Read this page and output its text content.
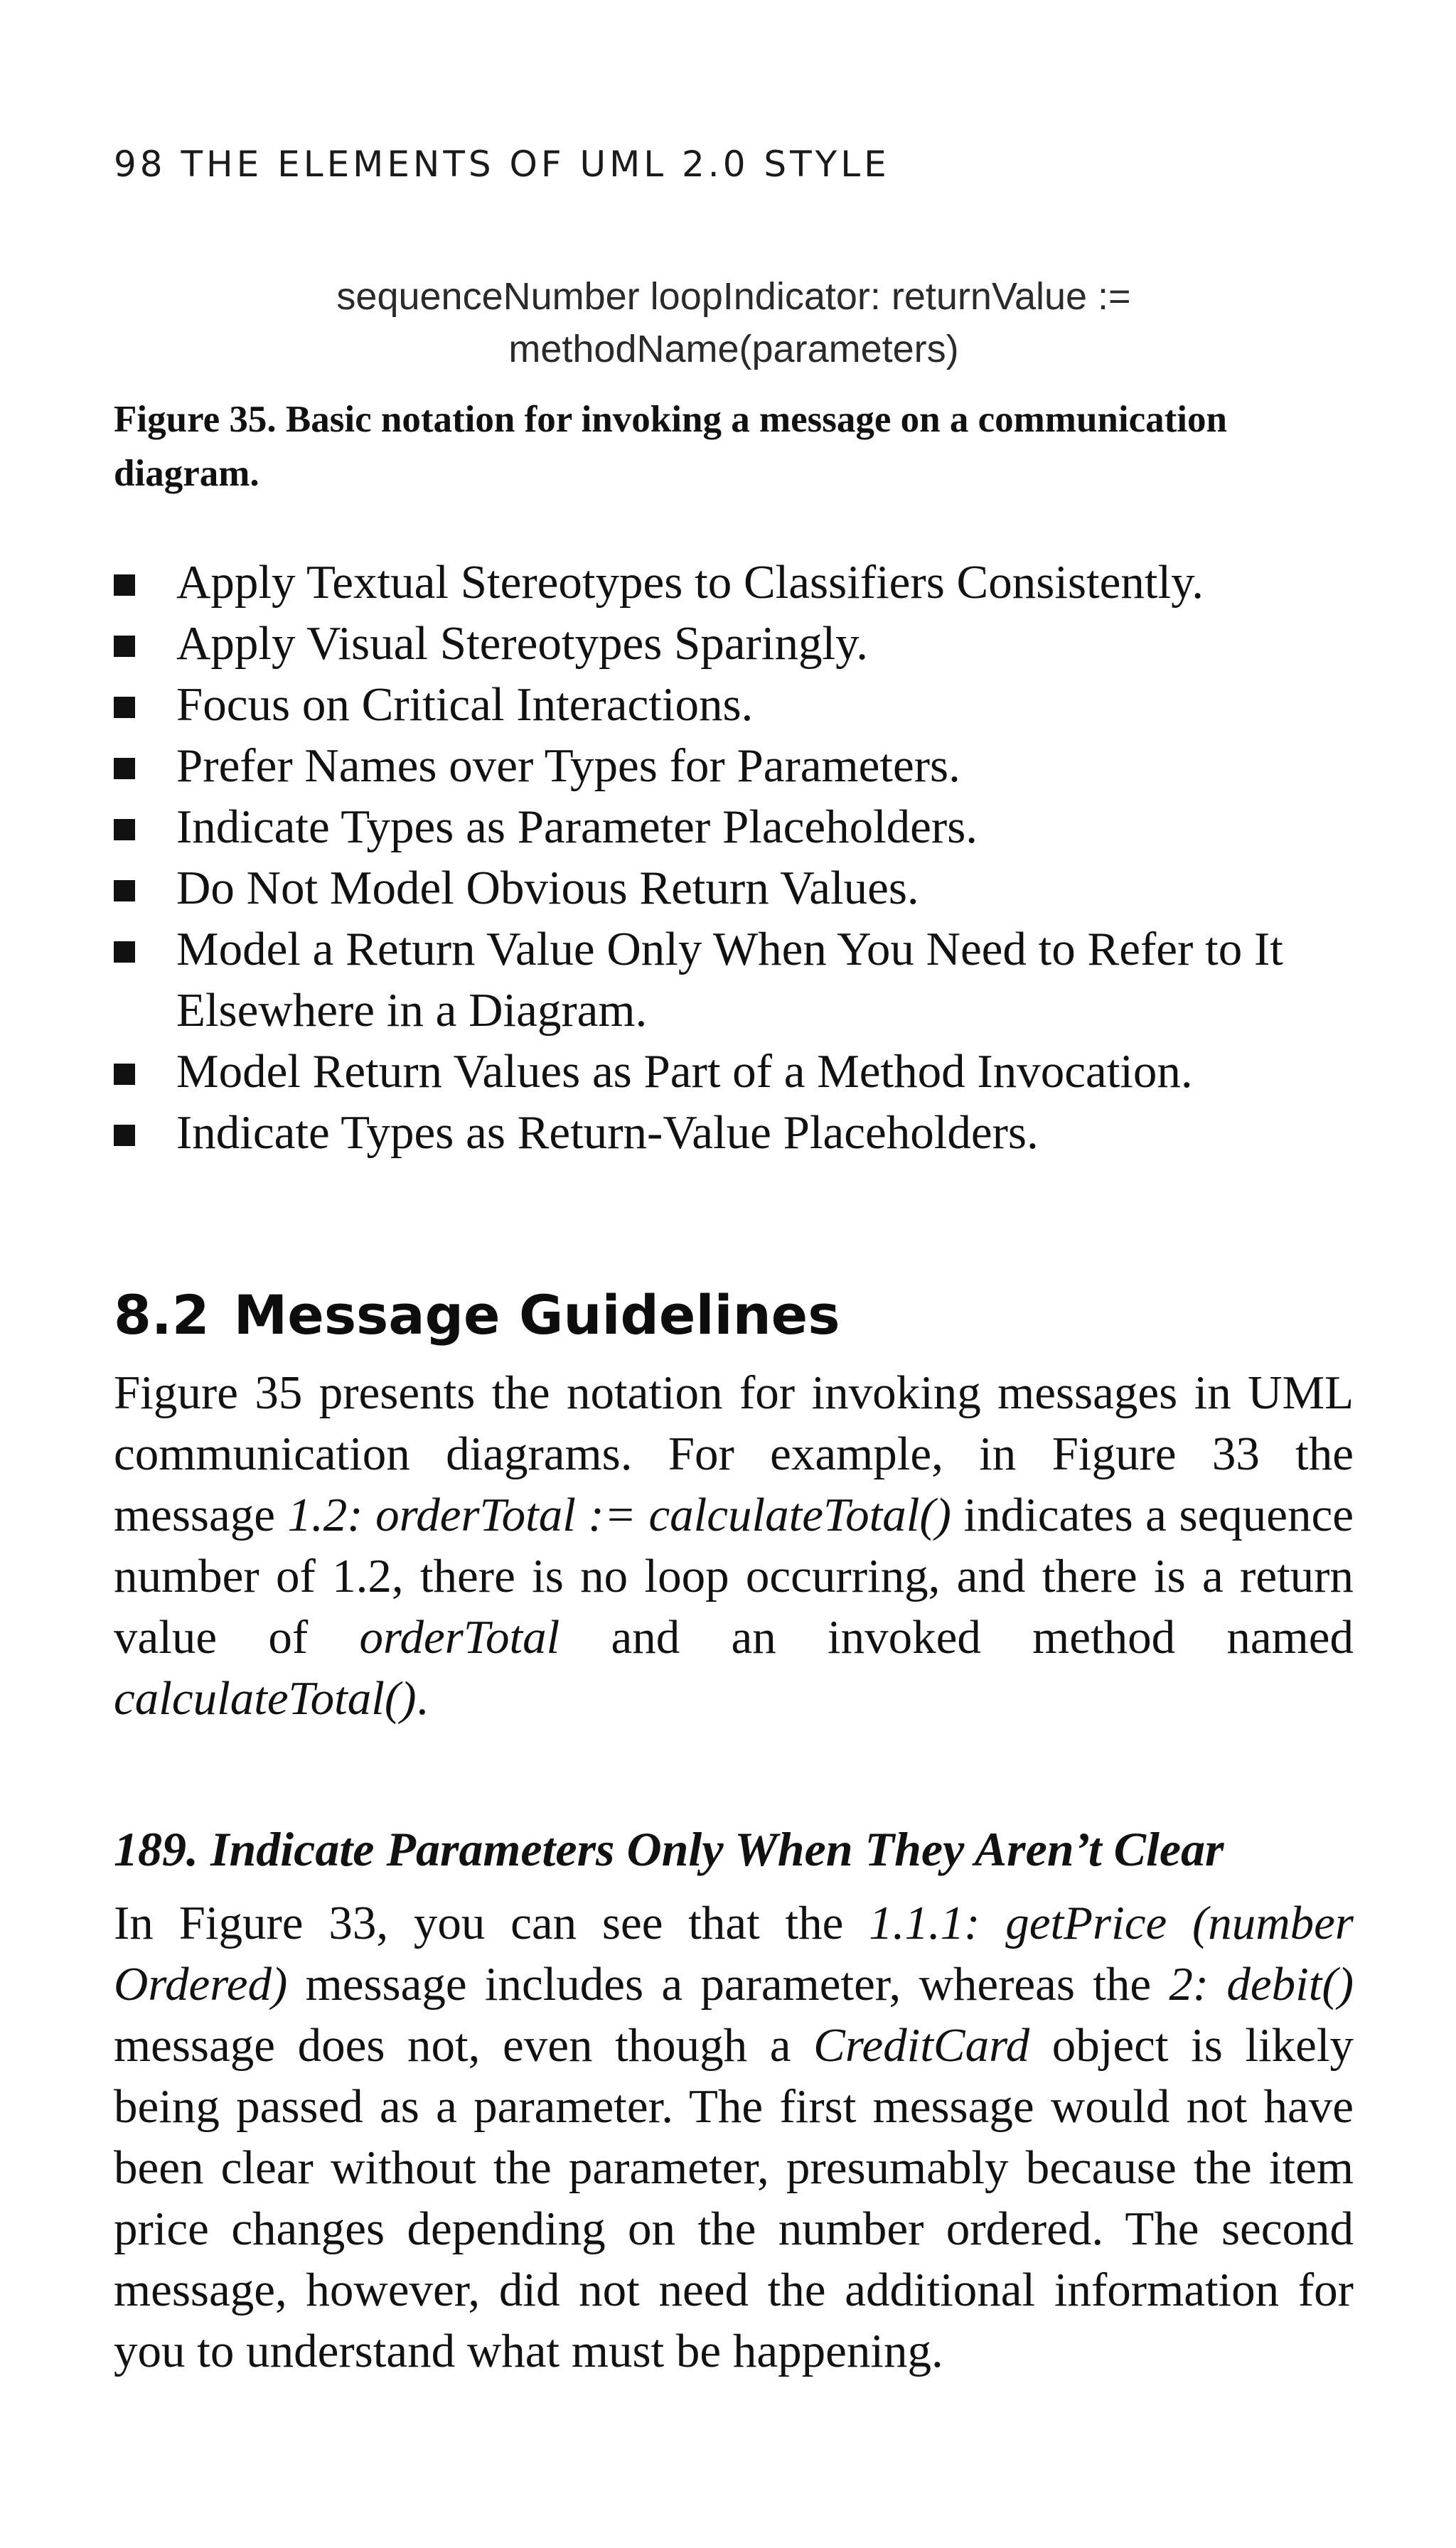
98 THE ELEMENTS OF UML 2.0 STYLE
sequenceNumber loopIndicator: returnValue :=
methodName(parameters)
Figure 35. Basic notation for invoking a message on a communication diagram.
Apply Textual Stereotypes to Classifiers Consistently.
Apply Visual Stereotypes Sparingly.
Focus on Critical Interactions.
Prefer Names over Types for Parameters.
Indicate Types as Parameter Placeholders.
Do Not Model Obvious Return Values.
Model a Return Value Only When You Need to Refer to It Elsewhere in a Diagram.
Model Return Values as Part of a Method Invocation.
Indicate Types as Return-Value Placeholders.
8.2 Message Guidelines

Figure 35 presents the notation for invoking messages in UML communication diagrams. For example, in Figure 33 the message 1.2: orderTotal := calculateTotal() indicates a sequence number of 1.2, there is no loop occurring, and there is a return value of orderTotal and an invoked method named calculateTotal().

189. Indicate Parameters Only When They Aren’t Clear

In Figure 33, you can see that the 1.1.1: getPrice (number Ordered) message includes a parameter, whereas the 2: debit() message does not, even though a CreditCard object is likely being passed as a parameter. The first message would not have been clear without the parameter, presumably because the item price changes depending on the number ordered. The second message, however, did not need the additional information for you to understand what must be happening.
